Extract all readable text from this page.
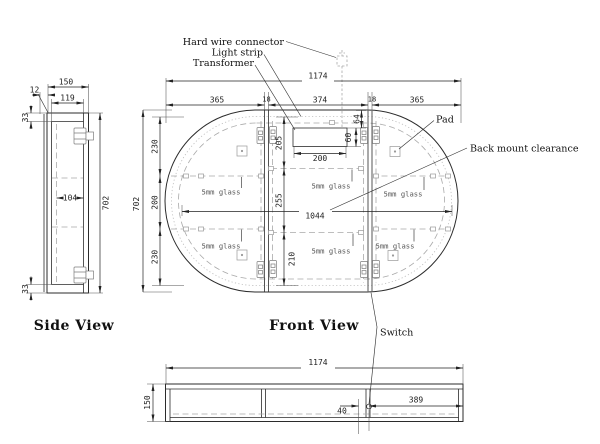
150
12
119
33
104	702
33
Side View
1174
365	18	374	18	365
702
230
200
230
205
255
210
1044
200
60
64
Hard wire connector
Light strip
Transformer
Pad
Back mount clearance
Switch
5mm glass
5mm glass
5mm glass
5mm glass
5mm glass
5mm glass
Front View
1174
150	389
40
